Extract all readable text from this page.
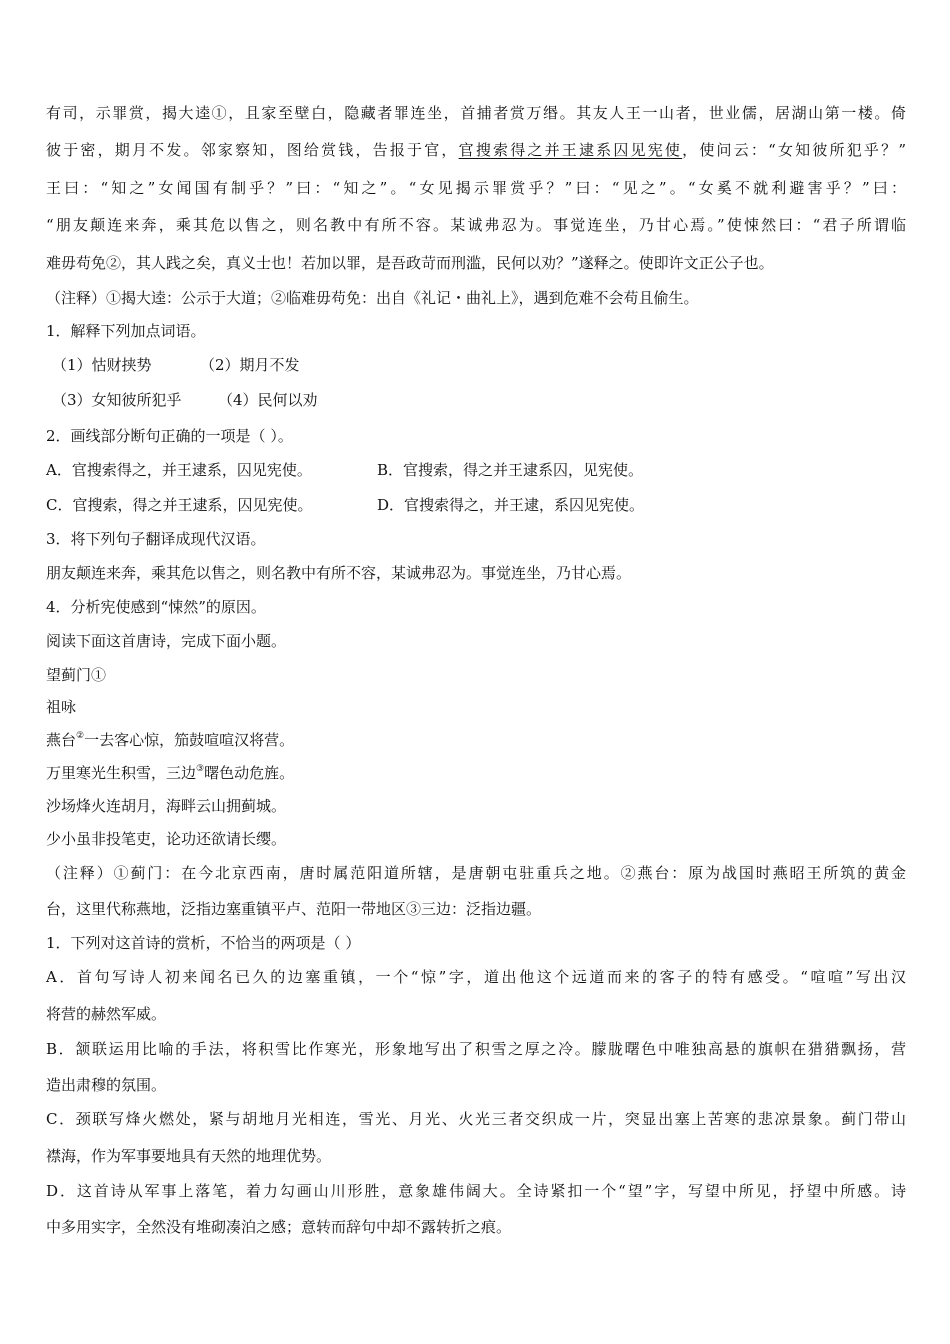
有司，示罪赏，揭大逵①，且家至壁白，隐藏者罪连坐，首捕者赏万缗。其友人王一山者，世业儒，居湖山第一楼。倚
彼于密，期月不发。邻家察知，图给赏钱，告报于官，官搜索得之并王逮系囚见宪使，使问云：“女知彼所犯乎？”
王曰：“知之”女闻国有制乎？”曰：“知之”。“女见揭示罪赏乎？”曰：“见之”。“女奚不就利避害乎？”曰：
“朋友颠连来奔，乘其危以售之，则名教中有所不容。某诚弗忍为。事觉连坐，乃甘心焉。”使悚然曰：“君子所谓临
难毋苟免②，其人践之矣，真义士也！若加以罪，是吾政苛而刑滥，民何以劝？”遂释之。使即许文正公子也。
（注释）①揭大逵：公示于大道；②临难毋苟免：出自《礼记・曲礼上》，遇到危难不会苟且偷生。
1．解释下列加点词语。
（1）怙财挟势	（2）期月不发
（3）女知彼所犯乎 （4）民何以劝
2．画线部分断句正确的一项是（ ）。
A．官搜索得之，并王逮系，囚见宪使。	B．官搜索，得之并王逮系囚，见宪使。
C．官搜索，得之并王逮系，囚见宪使。	D．官搜索得之，并王逮，系囚见宪使。
3．将下列句子翻译成现代汉语。
朋友颠连来奔，乘其危以售之，则名教中有所不容，某诚弗忍为。事觉连坐，乃甘心焉。
4．分析宪使感到“悚然”的原因。
阅读下面这首唐诗，完成下面小题。
望蓟门①
祖咏
燕台②一去客心惊，笳鼓喧喧汉将营。
万里寒光生积雪，三边③曙色动危旌。
沙场烽火连胡月，海畔云山拥蓟城。
少小虽非投笔吏，论功还欲请长缨。
（注释）①蓟门：在今北京西南，唐时属范阳道所辖，是唐朝屯驻重兵之地。②燕台：原为战国时燕昭王所筑的黄金
台，这里代称燕地，泛指边塞重镇平卢、范阳一带地区③三边：泛指边疆。
1．下列对这首诗的赏析，不恰当的两项是（ ）
A．首句写诗人初来闻名已久的边塞重镇，一个“惊”字，道出他这个远道而来的客子的特有感受。“喧喧”写出汉
将营的赫然军威。
B．颔联运用比喻的手法，将积雪比作寒光，形象地写出了积雪之厚之冷。朦胧曙色中唯独高悬的旗帜在猎猎飘扬，营
造出肃穆的氛围。
C．颈联写烽火燃处，紧与胡地月光相连，雪光、月光、火光三者交织成一片，突显出塞上苦寒的悲凉景象。蓟门带山
襟海，作为军事要地具有天然的地理优势。
D．这首诗从军事上落笔，着力勾画山川形胜，意象雄伟阔大。全诗紧扣一个“望”字，写望中所见，抒望中所感。诗
中多用实字，全然没有堆砌凑泊之感；意转而辞句中却不露转折之痕。
